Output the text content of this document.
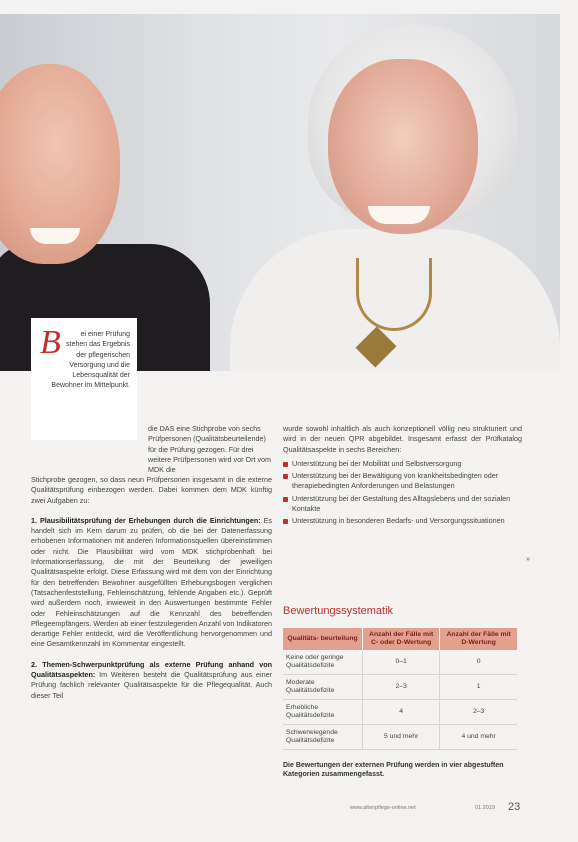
B	ei einer Prüfung stehen das Ergebnis der pflegerischen Versorgung und die Lebensqualität der Bewohner im Mittelpunkt.
die DAS eine Stichprobe von sechs Prüfpersonen (Qualitätsbeurteilende) für die Prüfung gezogen. Für drei weitere Prüfpersonen wird vor Ort vom MDK die

Stichprobe gezogen, so dass neun Prüfpersonen insgesamt in die externe Qualitätsprüfung einbezogen werden. Dabei kommen dem MDK künftig zwei Aufgaben zu:

1. Plausibilitätsprüfung der Erhebungen durch die Einrichtungen: Es handelt sich im Kern darum zu prüfen, ob die bei der Datenerfassung erhobenen Informationen mit anderen Informationsquellen übereinstimmen oder nicht. Die Plausibilität wird vom MDK stichprobenhaft bei Informationserfassung, die mit der Beurteilung der jeweiligen Qualitätsaspekte erfolgt. Diese Erfassung wird mit dem von der Einrichtung für den betreffenden Bewohner ausgefüllten Erhebungsbogen verglichen (Tatsachenfeststellung, Fehleinschätzung, fehlende Angaben etc.). Geprüft wird außerdem noch, inwieweit in den Auswertungen bestimmte Fehler oder Fehleinschätzungen auf die Kennzahl des betreffenden Pflegeempfängers. Werden ab einer festzulegenden Anzahl von Indikatoren derartige Fehler entdeckt, wird die Veröffentlichung hervorgenommen und eine Gesamtkennzahl im Kommentar eingestellt.

2. Themen-Schwerpunktprüfung als externe Prüfung anhand von Qualitätsaspekten: Im Weiteren besteht die Qualitätsprüfung aus einer Prüfung fachlich relevanter Qualitätsaspekte für die Pflegequalität. Auch dieser Teil

wurde sowohl inhaltlich als auch konzeptionell völlig neu strukturiert und wird in der neuen QPR abgebildet. Insgesamt erfasst der Prüfkatalog Qualitätsaspekte in sechs Bereichen:

Unterstützung bei der Mobilität und Selbstversorgung
Unterstützung bei der Bewältigung von krankheitsbedingten oder therapiebedingten Anforderungen und Belastungen
Unterstützung bei der Gestaltung des Alltagslebens und der sozialen Kontakte
Unterstützung in besonderen Bedarfs- und Versorgungssituationen
»
Bewertungssystematik
Qualitäts- beurteilung	Anzahl der Fälle mit C- oder D-Wertung	Anzahl der Fälle mit D-Wertung
Keine oder geringe Qualitätsdefizite	0–1	0
Moderate Qualitätsdefizite	2–3	1
Erhebliche Qualitätsdefizite	4	2–3
Schwerwiegende Qualitätsdefizite	5 und mehr	4 und mehr
Die Bewertungen der externen Prüfung werden in vier abgestuften Kategorien zusammengefasst.
www.altenpflege-online.net	01.2019 23
